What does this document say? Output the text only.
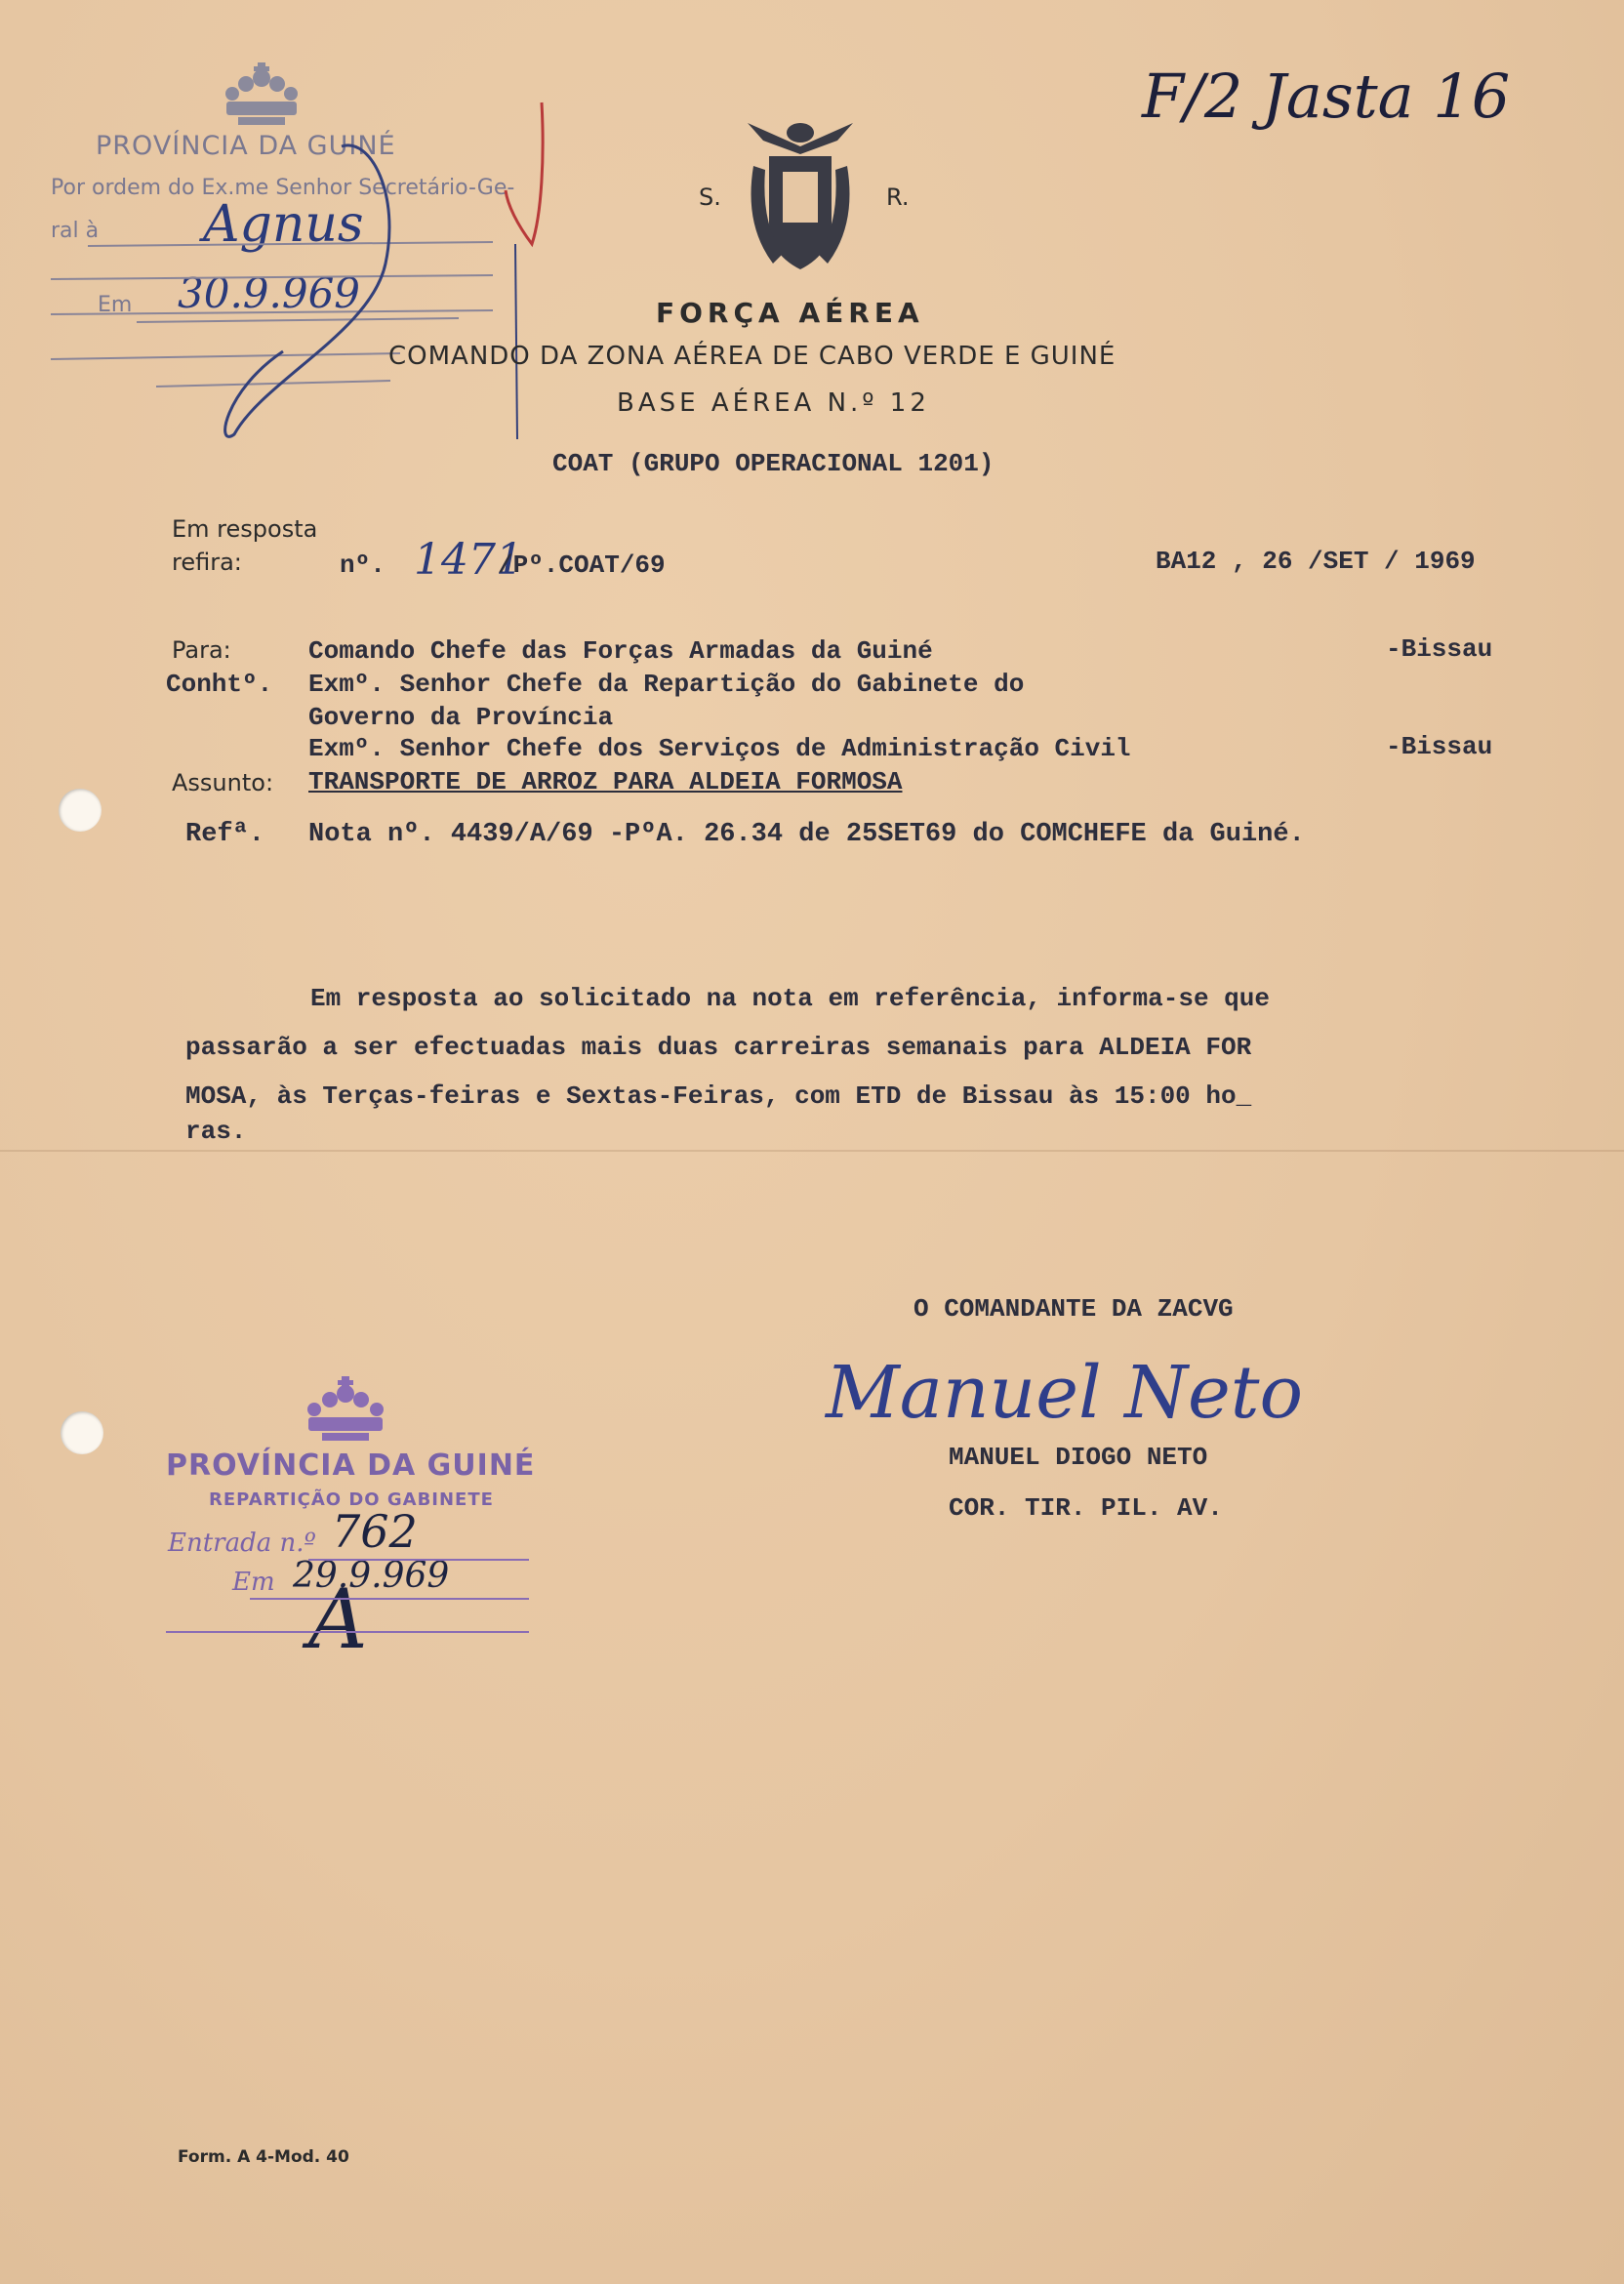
F/2 Jasta 16
PROVÍNCIA DA GUINÉ
Por ordem do Ex.me Senhor Secretário-Ge-
ral à Agnus
Em 30.9.969
S.	R.
FORÇA AÉREA
COMANDO DA ZONA AÉREA DE CABO VERDE E GUINÉ
BASE AÉREA N.º 12
COAT (GRUPO OPERACIONAL 1201)
Em resposta
refira:	nº. 1471
/Pº.COAT/69	BA12 , 26 /SET / 1969
Para:	Comando Chefe das Forças Armadas da Guiné	-Bissau
Conhtº. Exmº. Senhor Chefe da Repartição do Gabinete do
Governo da Província
Exmº. Senhor Chefe dos Serviços de Administração Civil	-Bissau
Assunto: TRANSPORTE DE ARROZ PARA ALDEIA FORMOSA
Refª. Nota nº. 4439/A/69 -PºA. 26.34 de 25SET69 do COMCHEFE da Guiné.
Em resposta ao solicitado na nota em referência, informa-se que
passarão a ser efectuadas mais duas carreiras semanais para ALDEIA FOR
MOSA, às Terças-feiras e Sextas-Feiras, com ETD de Bissau às 15:00 ho_
ras.
O COMANDANTE DA ZACVG
Manuel Neto
MANUEL DIOGO NETO
COR. TIR. PIL. AV.
PROVÍNCIA DA GUINÉ
REPARTIÇÃO DO GABINETE
Entrada n.º 762
Em 29.9.969
A
Form. A 4-Mod. 40
